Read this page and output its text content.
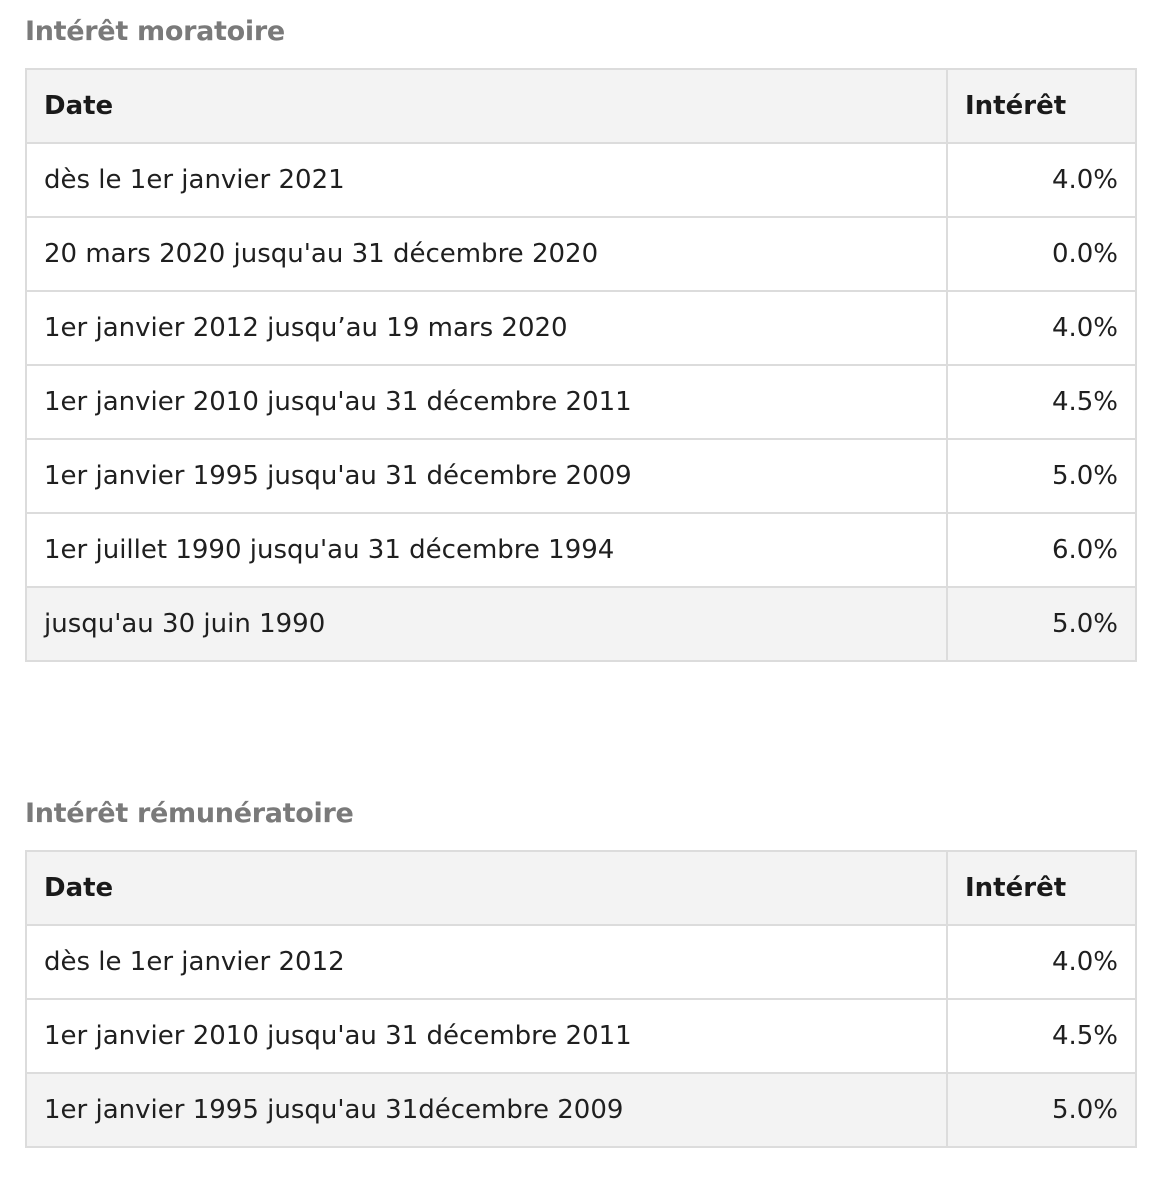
Intérêt moratoire
Date	Intérêt
dès le 1er janvier 2021	4.0%
20 mars 2020 jusqu'au 31 décembre 2020	0.0%
1er janvier 2012 jusqu’au 19 mars 2020	4.0%
1er janvier 2010 jusqu'au 31 décembre 2011	4.5%
1er janvier 1995 jusqu'au 31 décembre 2009	5.0%
1er juillet 1990 jusqu'au 31 décembre 1994	6.0%
jusqu'au 30 juin 1990	5.0%
Intérêt rémunératoire
Date	Intérêt
dès le 1er janvier 2012	4.0%
1er janvier 2010 jusqu'au 31 décembre 2011	4.5%
1er janvier 1995 jusqu'au 31décembre 2009	5.0%
